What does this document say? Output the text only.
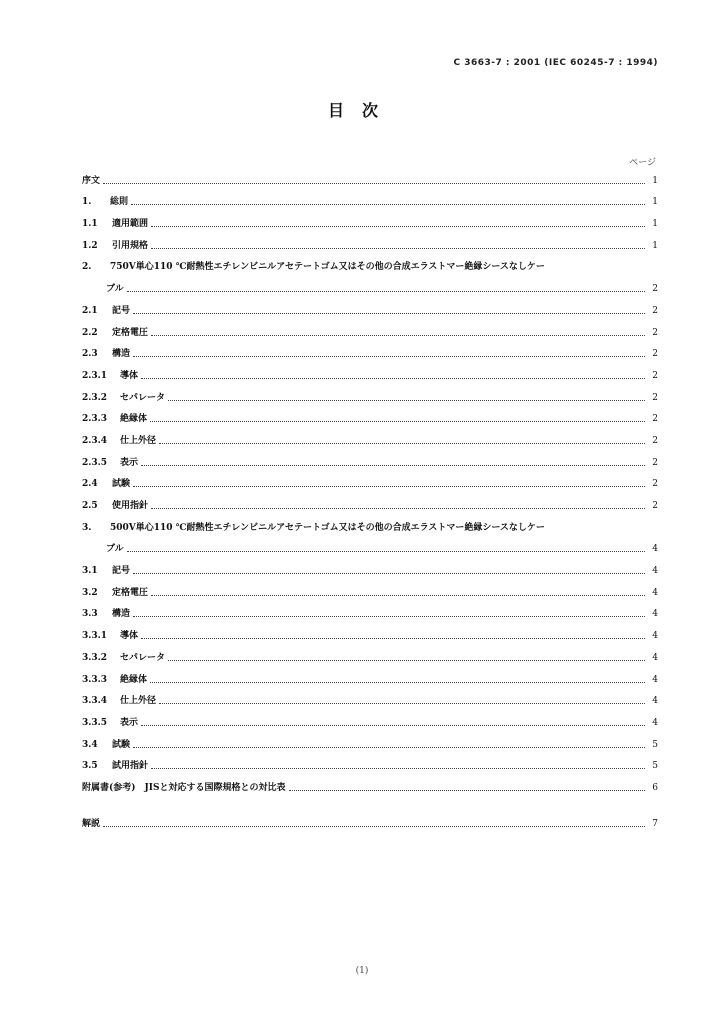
C 3663-7 : 2001 (IEC 60245-7 : 1994)
目次
ページ
序文	1
1.	総則	1
1.1	適用範囲	1
1.2	引用規格	1
2.	750V単心110 ℃耐熱性エチレンビニルアセテートゴム又はその他の合成エラストマー絶縁シースなしケー
ブル	2
2.1	記号	2
2.2	定格電圧	2
2.3	構造	2
2.3.1	導体	2
2.3.2	セパレータ	2
2.3.3	絶縁体	2
2.3.4	仕上外径	2
2.3.5	表示	2
2.4	試験	2
2.5	使用指針	2
3.	500V単心110 ℃耐熱性エチレンビニルアセテートゴム又はその他の合成エラストマー絶縁シースなしケー
ブル	4
3.1	記号	4
3.2	定格電圧	4
3.3	構造	4
3.3.1	導体	4
3.3.2	セパレータ	4
3.3.3	絶縁体	4
3.3.4	仕上外径	4
3.3.5	表示	4
3.4	試験	5
3.5	試用指針	5
附属書(参考)　JISと対応する国際規格との対比表	6
解説	7
(1)
